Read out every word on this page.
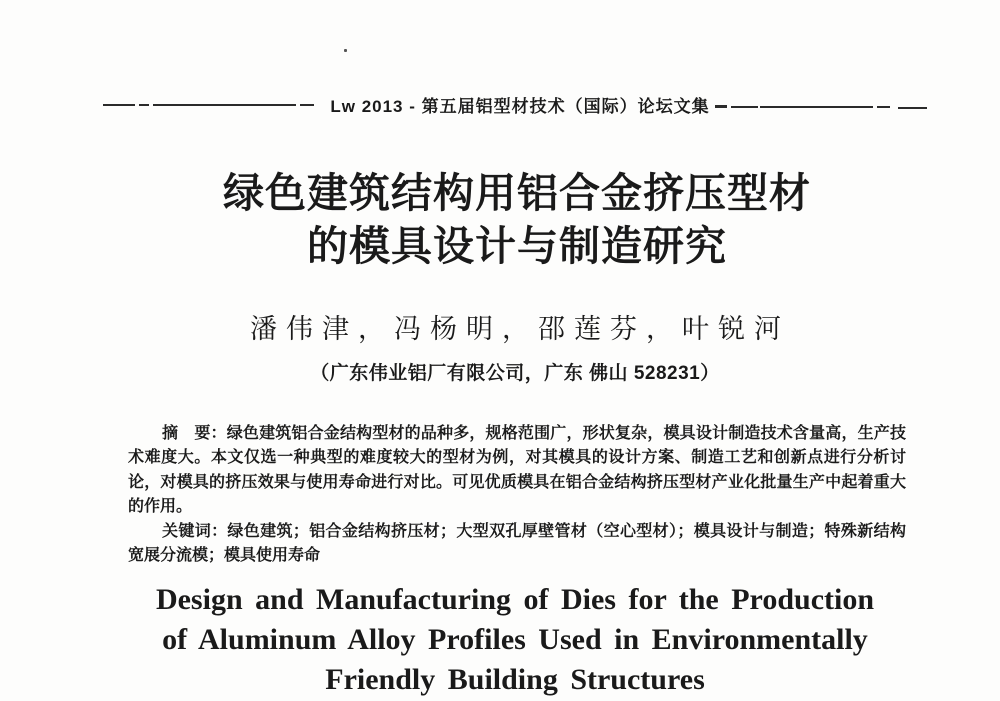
Lw 2013 - 第五届铝型材技术（国际）论坛文集
绿色建筑结构用铝合金挤压型材
的模具设计与制造研究
潘伟津，冯杨明，邵莲芬，叶锐河
（广东伟业铝厂有限公司，广东 佛山 528231）

摘　要：绿色建筑铝合金结构型材的品种多，规格范围广，形状复杂，模具设计制造技术含量高，生产技术难度大。本文仅选一种典型的难度较大的型材为例，对其模具的设计方案、制造工艺和创新点进行分析讨论，对模具的挤压效果与使用寿命进行对比。可见优质模具在铝合金结构挤压型材产业化批量生产中起着重大的作用。

关键词：绿色建筑；铝合金结构挤压材；大型双孔厚壁管材（空心型材）；模具设计与制造；特殊新结构宽展分流模；模具使用寿命

Design and Manufacturing of Dies for the Production
of Aluminum Alloy Profiles Used in Environmentally
Friendly Building Structures
